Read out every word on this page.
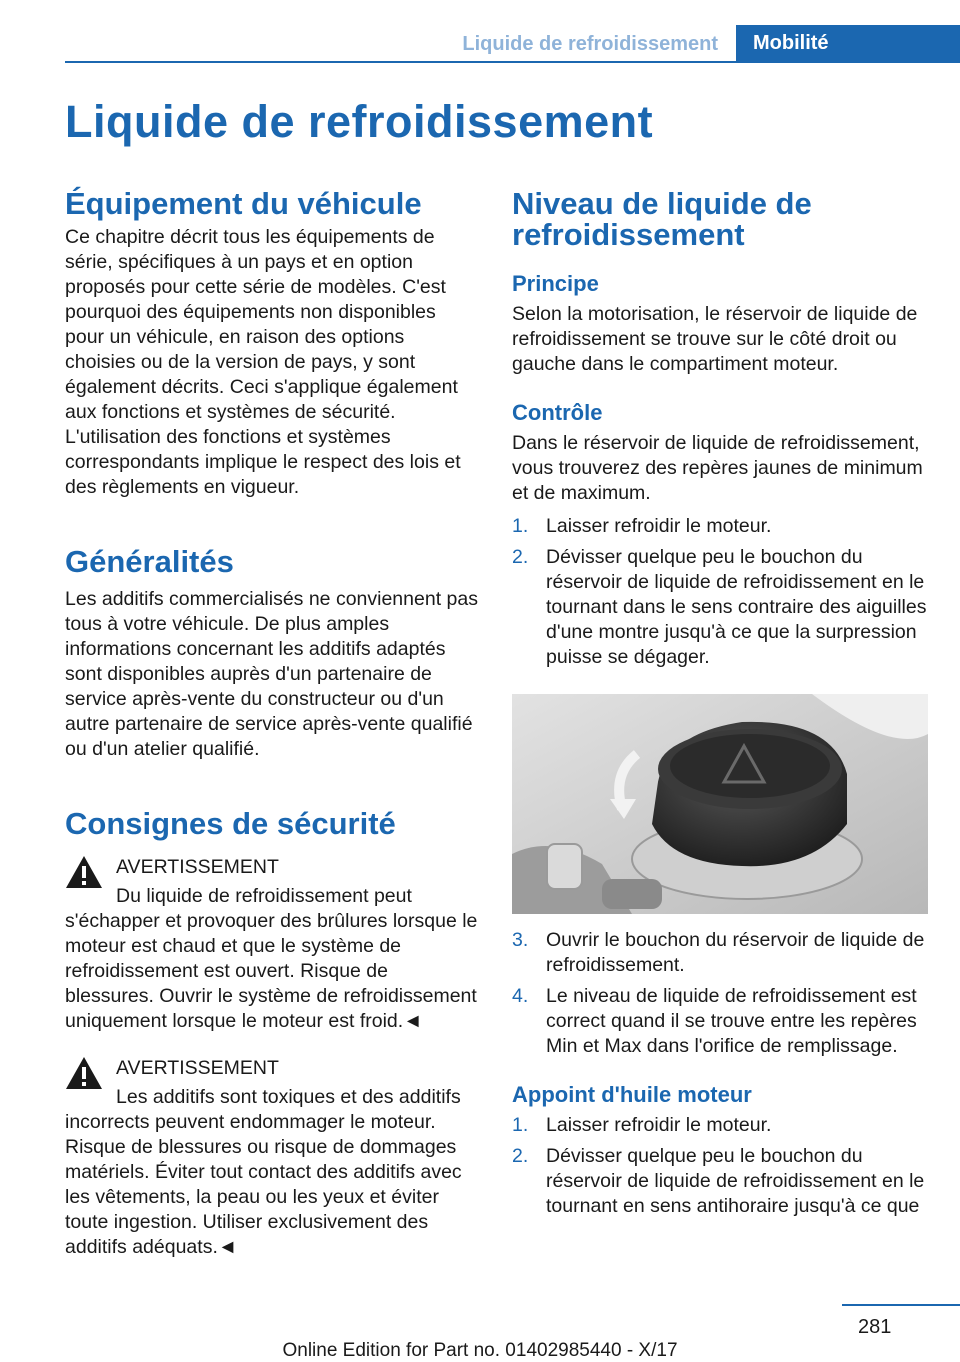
Liquide de refroidissement	Mobilité
Liquide de refroidissement
Équipement du véhicule

Ce chapitre décrit tous les équipements de série, spécifiques à un pays et en option proposés pour cette série de modèles. C'est pourquoi des équipements non disponibles pour un véhicule, en raison des options choisies ou de la version de pays, y sont également décrits. Ceci s'applique également aux fonctions et systèmes de sécurité. L'utilisation des fonctions et systèmes correspondants implique le respect des lois et des règlements en vigueur.

Généralités

Les additifs commercialisés ne conviennent pas tous à votre véhicule. De plus amples informations concernant les additifs adaptés sont disponibles auprès d'un partenaire de service après-vente du constructeur ou d'un autre partenaire de service après-vente qualifié ou d'un atelier qualifié.

Consignes de sécurité
AVERTISSEMENT

Du liquide de refroidissement peut s'échapper et provoquer des brûlures lorsque le moteur est chaud et que le système de refroidissement est ouvert. Risque de blessures. Ouvrir le système de refroidissement uniquement lorsque le moteur est froid.◄

AVERTISSEMENT

Les additifs sont toxiques et des additifs incorrects peuvent endommager le moteur. Risque de blessures ou risque de dommages matériels. Éviter tout contact des additifs avec les vêtements, la peau ou les yeux et éviter toute ingestion. Utiliser exclusivement des additifs adéquats.◄

Niveau de liquide de refroidissement
Principe

Selon la motorisation, le réservoir de liquide de refroidissement se trouve sur le côté droit ou gauche dans le compartiment moteur.

Contrôle

Dans le réservoir de liquide de refroidissement, vous trouverez des repères jaunes de minimum et de maximum.

1. Laisser refroidir le moteur.
2. Dévisser quelque peu le bouchon du réservoir de liquide de refroidissement en le tournant dans le sens contraire des aiguilles d'une montre jusqu'à ce que la surpression puisse se dégager.
3. Ouvrir le bouchon du réservoir de liquide de refroidissement.
4. Le niveau de liquide de refroidissement est correct quand il se trouve entre les repères Min et Max dans l'orifice de remplissage.
Appoint d'huile moteur
1. Laisser refroidir le moteur.
2. Dévisser quelque peu le bouchon du réservoir de liquide de refroidissement en le tournant en sens antihoraire jusqu'à ce que
281
Online Edition for Part no. 01402985440 - X/17
